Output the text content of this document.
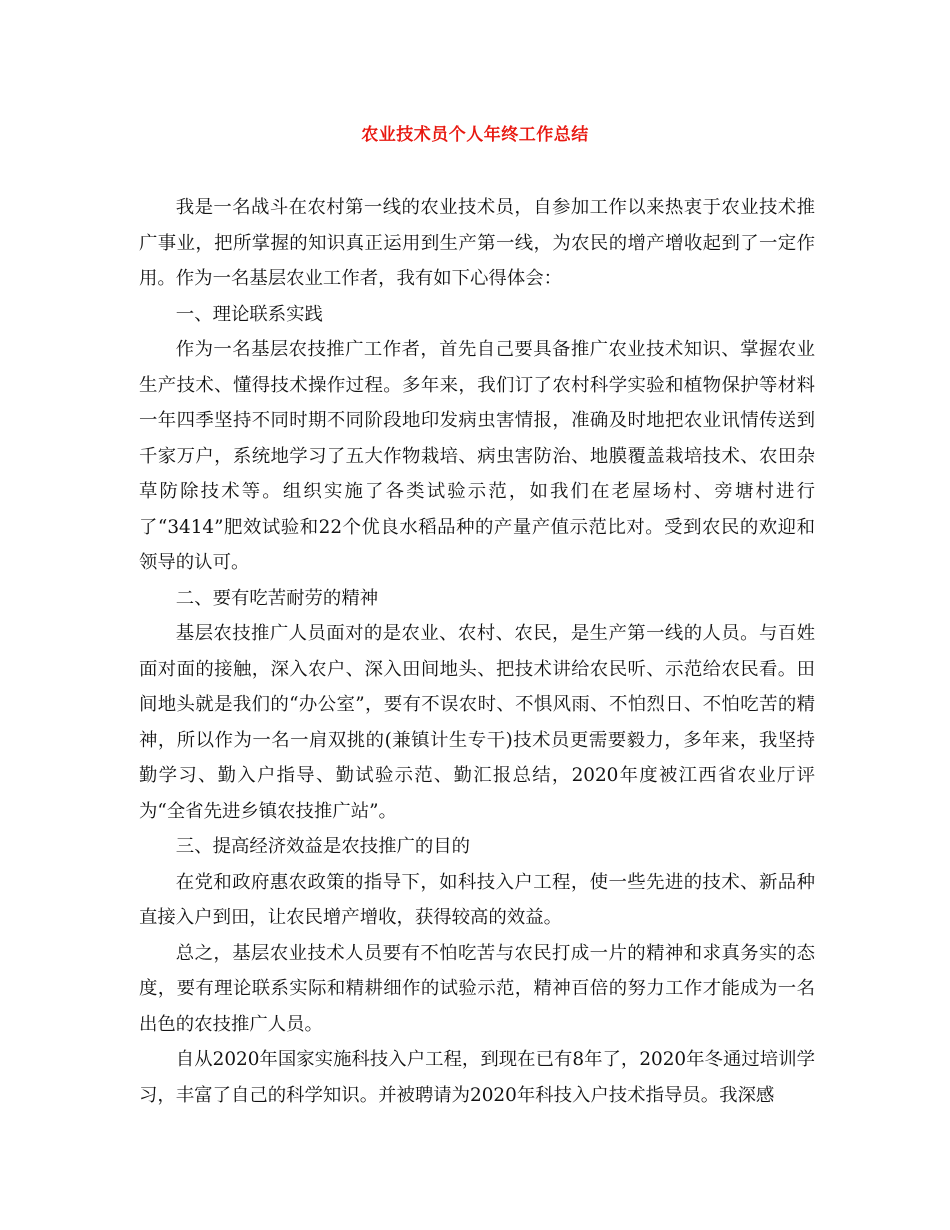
农业技术员个人年终工作总结

我是一名战斗在农村第一线的农业技术员，自参加工作以来热衷于农业技术推广事业，把所掌握的知识真正运用到生产第一线，为农民的增产增收起到了一定作用。作为一名基层农业工作者，我有如下心得体会：

一、理论联系实践

作为一名基层农技推广工作者，首先自己要具备推广农业技术知识、掌握农业生产技术、懂得技术操作过程。多年来，我们订了农村科学实验和植物保护等材料一年四季坚持不同时期不同阶段地印发病虫害情报，准确及时地把农业讯情传送到千家万户，系统地学习了五大作物栽培、病虫害防治、地膜覆盖栽培技术、农田杂草防除技术等。组织实施了各类试验示范，如我们在老屋场村、旁塘村进行了“3414”肥效试验和22个优良水稻品种的产量产值示范比对。受到农民的欢迎和领导的认可。

二、要有吃苦耐劳的精神

基层农技推广人员面对的是农业、农村、农民，是生产第一线的人员。与百姓面对面的接触，深入农户、深入田间地头、把技术讲给农民听、示范给农民看。田间地头就是我们的“办公室”，要有不误农时、不惧风雨、不怕烈日、不怕吃苦的精神，所以作为一名一肩双挑的(兼镇计生专干)技术员更需要毅力，多年来，我坚持勤学习、勤入户指导、勤试验示范、勤汇报总结，2020年度被江西省农业厅评为“全省先进乡镇农技推广站”。

三、提高经济效益是农技推广的目的

在党和政府惠农政策的指导下，如科技入户工程，使一些先进的技术、新品种直接入户到田，让农民增产增收，获得较高的效益。

总之，基层农业技术人员要有不怕吃苦与农民打成一片的精神和求真务实的态度，要有理论联系实际和精耕细作的试验示范，精神百倍的努力工作才能成为一名出色的农技推广人员。

自从2020年国家实施科技入户工程，到现在已有8年了，2020年冬通过培训学习，丰富了自己的科学知识。并被聘请为2020年科技入户技术指导员。我深感
